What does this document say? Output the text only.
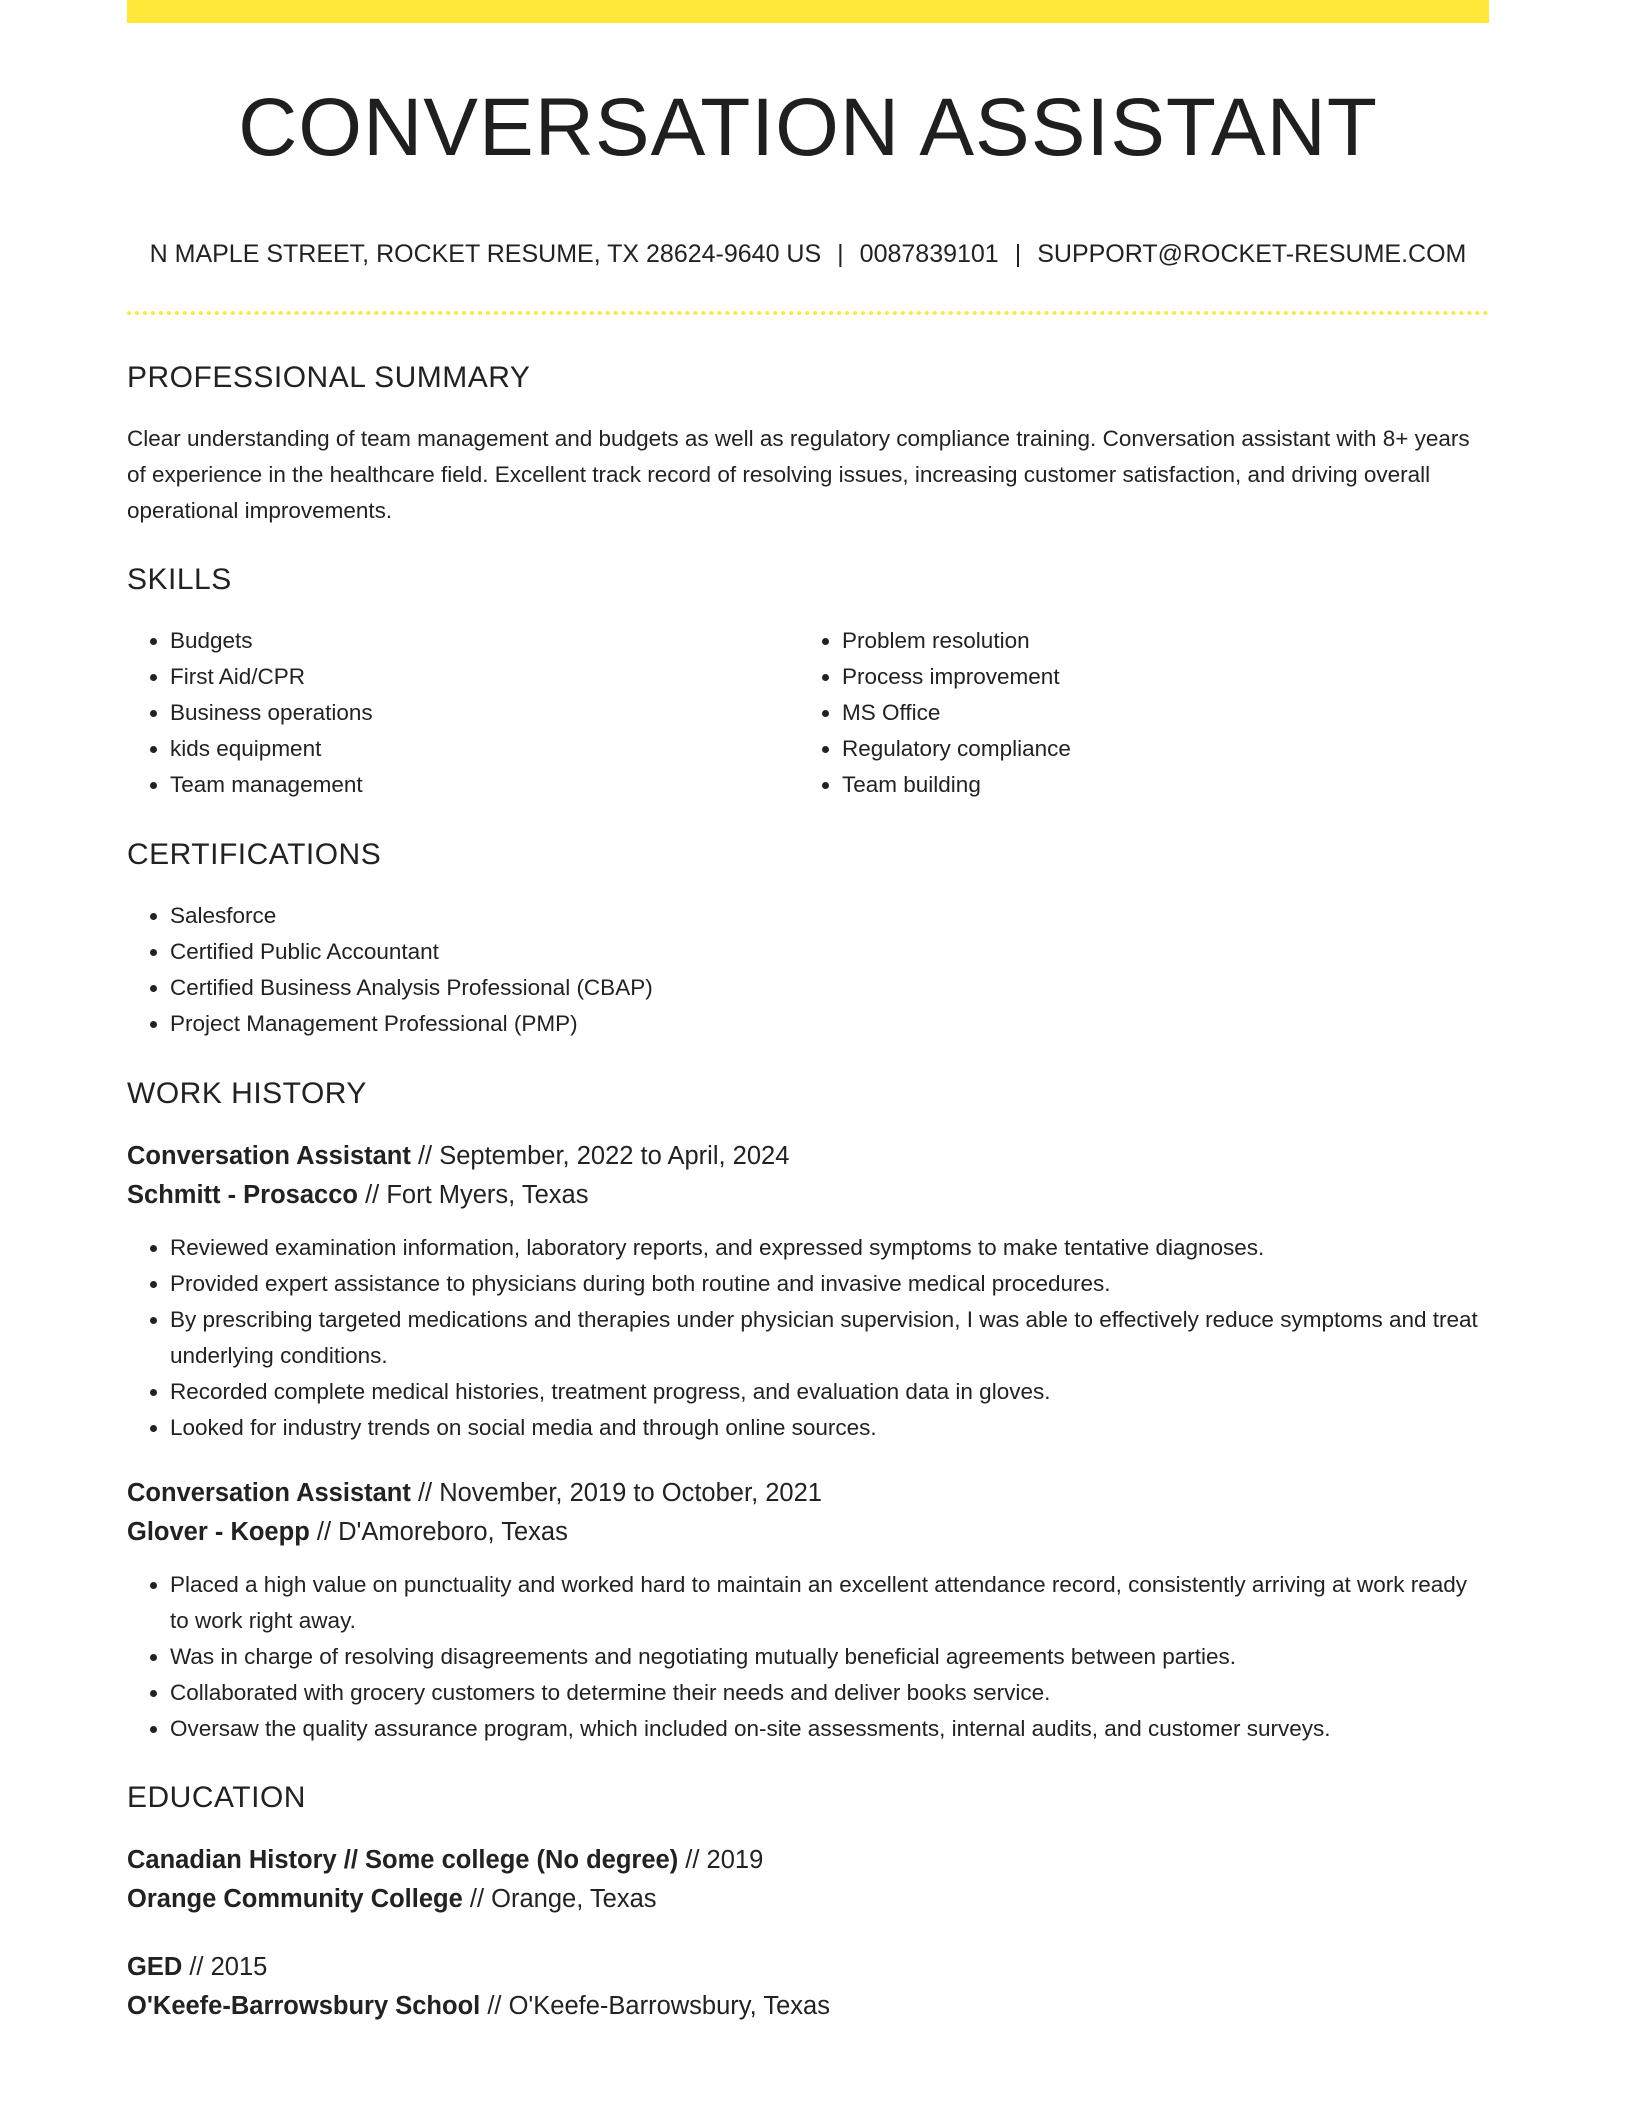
CONVERSATION ASSISTANT
N MAPLE STREET, ROCKET RESUME, TX 28624-9640 US | 0087839101 | SUPPORT@ROCKET-RESUME.COM
PROFESSIONAL SUMMARY

Clear understanding of team management and budgets as well as regulatory compliance training. Conversation assistant with 8+ years of experience in the healthcare field. Excellent track record of resolving issues, increasing customer satisfaction, and driving overall operational improvements.

SKILLS
• Budgets
• First Aid/CPR
• Business operations
• kids equipment
• Team management
• Problem resolution
• Process improvement
• MS Office
• Regulatory compliance
• Team building
CERTIFICATIONS
• Salesforce
• Certified Public Accountant
• Certified Business Analysis Professional (CBAP)
• Project Management Professional (PMP)
WORK HISTORY
Conversation Assistant // September, 2022 to April, 2024
Schmitt - Prosacco // Fort Myers, Texas
• Reviewed examination information, laboratory reports, and expressed symptoms to make tentative diagnoses.
• Provided expert assistance to physicians during both routine and invasive medical procedures.
• By prescribing targeted medications and therapies under physician supervision, I was able to effectively reduce symptoms and treat underlying conditions.
• Recorded complete medical histories, treatment progress, and evaluation data in gloves.
• Looked for industry trends on social media and through online sources.
Conversation Assistant // November, 2019 to October, 2021
Glover - Koepp // D'Amoreboro, Texas
• Placed a high value on punctuality and worked hard to maintain an excellent attendance record, consistently arriving at work ready to work right away.
• Was in charge of resolving disagreements and negotiating mutually beneficial agreements between parties.
• Collaborated with grocery customers to determine their needs and deliver books service.
• Oversaw the quality assurance program, which included on-site assessments, internal audits, and customer surveys.
EDUCATION
Canadian History // Some college (No degree) // 2019
Orange Community College // Orange, Texas
GED // 2015
O'Keefe-Barrowsbury School // O'Keefe-Barrowsbury, Texas
